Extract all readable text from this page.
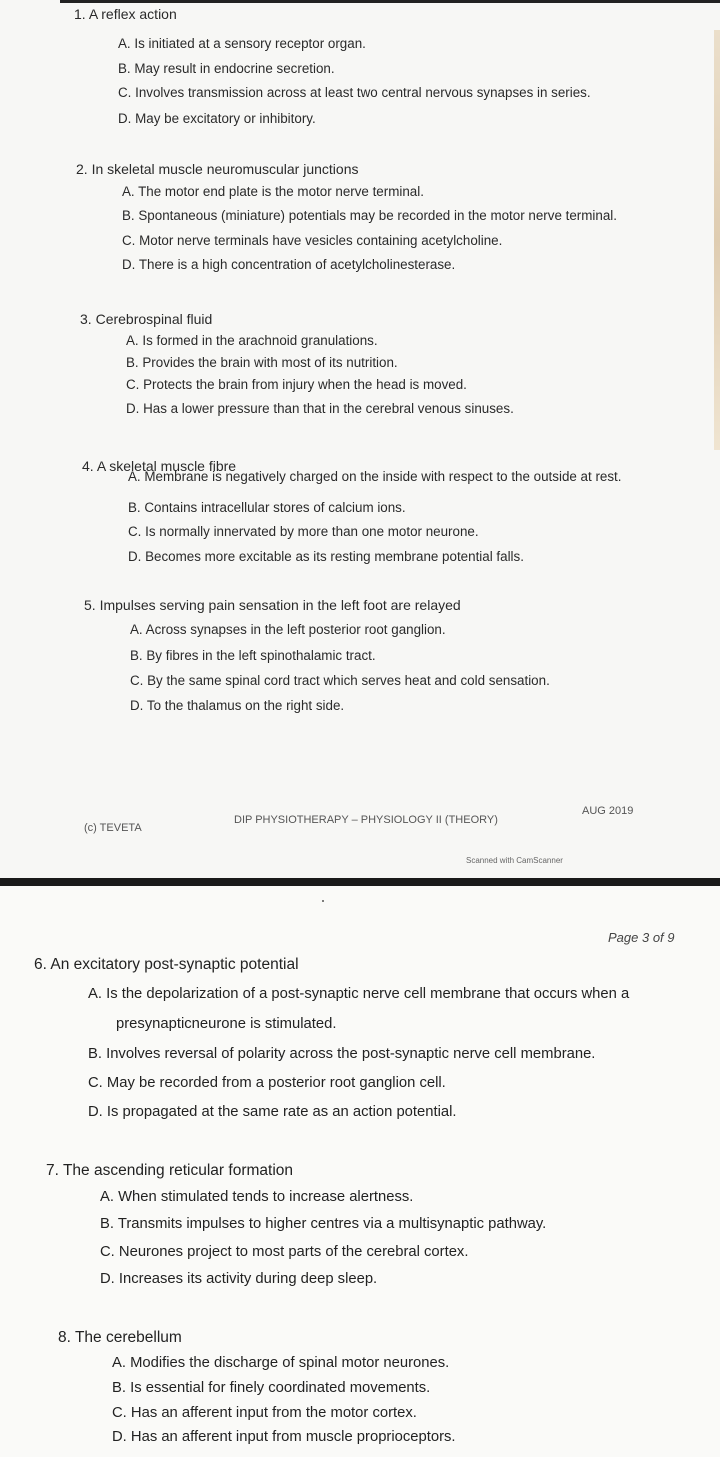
1. A reflex action
A. Is initiated at a sensory receptor organ.
B. May result in endocrine secretion.
C. Involves transmission across at least two central nervous synapses in series.
D. May be excitatory or inhibitory.
2. In skeletal muscle neuromuscular junctions
A. The motor end plate is the motor nerve terminal.
B. Spontaneous (miniature) potentials may be recorded in the motor nerve terminal.
C. Motor nerve terminals have vesicles containing acetylcholine.
D. There is a high concentration of acetylcholinesterase.
3. Cerebrospinal fluid
A. Is formed in the arachnoid granulations.
B. Provides the brain with most of its nutrition.
C. Protects the brain from injury when the head is moved.
D. Has a lower pressure than that in the cerebral venous sinuses.
4. A skeletal muscle fibre
A. Membrane is negatively charged on the inside with respect to the outside at rest.
B. Contains intracellular stores of calcium ions.
C. Is normally innervated by more than one motor neurone.
D. Becomes more excitable as its resting membrane potential falls.
5. Impulses serving pain sensation in the left foot are relayed
A. Across synapses in the left posterior root ganglion.
B. By fibres in the left spinothalamic tract.
C. By the same spinal cord tract which serves heat and cold sensation.
D. To the thalamus on the right side.
(c) TEVETA
DIP PHYSIOTHERAPY – PHYSIOLOGY II (THEORY)
AUG 2019
Scanned with CamScanner
Page 3 of 9
6. An excitatory post-synaptic potential
A. Is the depolarization of a post-synaptic nerve cell membrane that occurs when a
presynapticneurone is stimulated.
B. Involves reversal of polarity across the post-synaptic nerve cell membrane.
C. May be recorded from a posterior root ganglion cell.
D. Is propagated at the same rate as an action potential.
7. The ascending reticular formation
A. When stimulated tends to increase alertness.
B. Transmits impulses to higher centres via a multisynaptic pathway.
C. Neurones project to most parts of the cerebral cortex.
D. Increases its activity during deep sleep.
8. The cerebellum
A. Modifies the discharge of spinal motor neurones.
B. Is essential for finely coordinated movements.
C. Has an afferent input from the motor cortex.
D. Has an afferent input from muscle proprioceptors.
